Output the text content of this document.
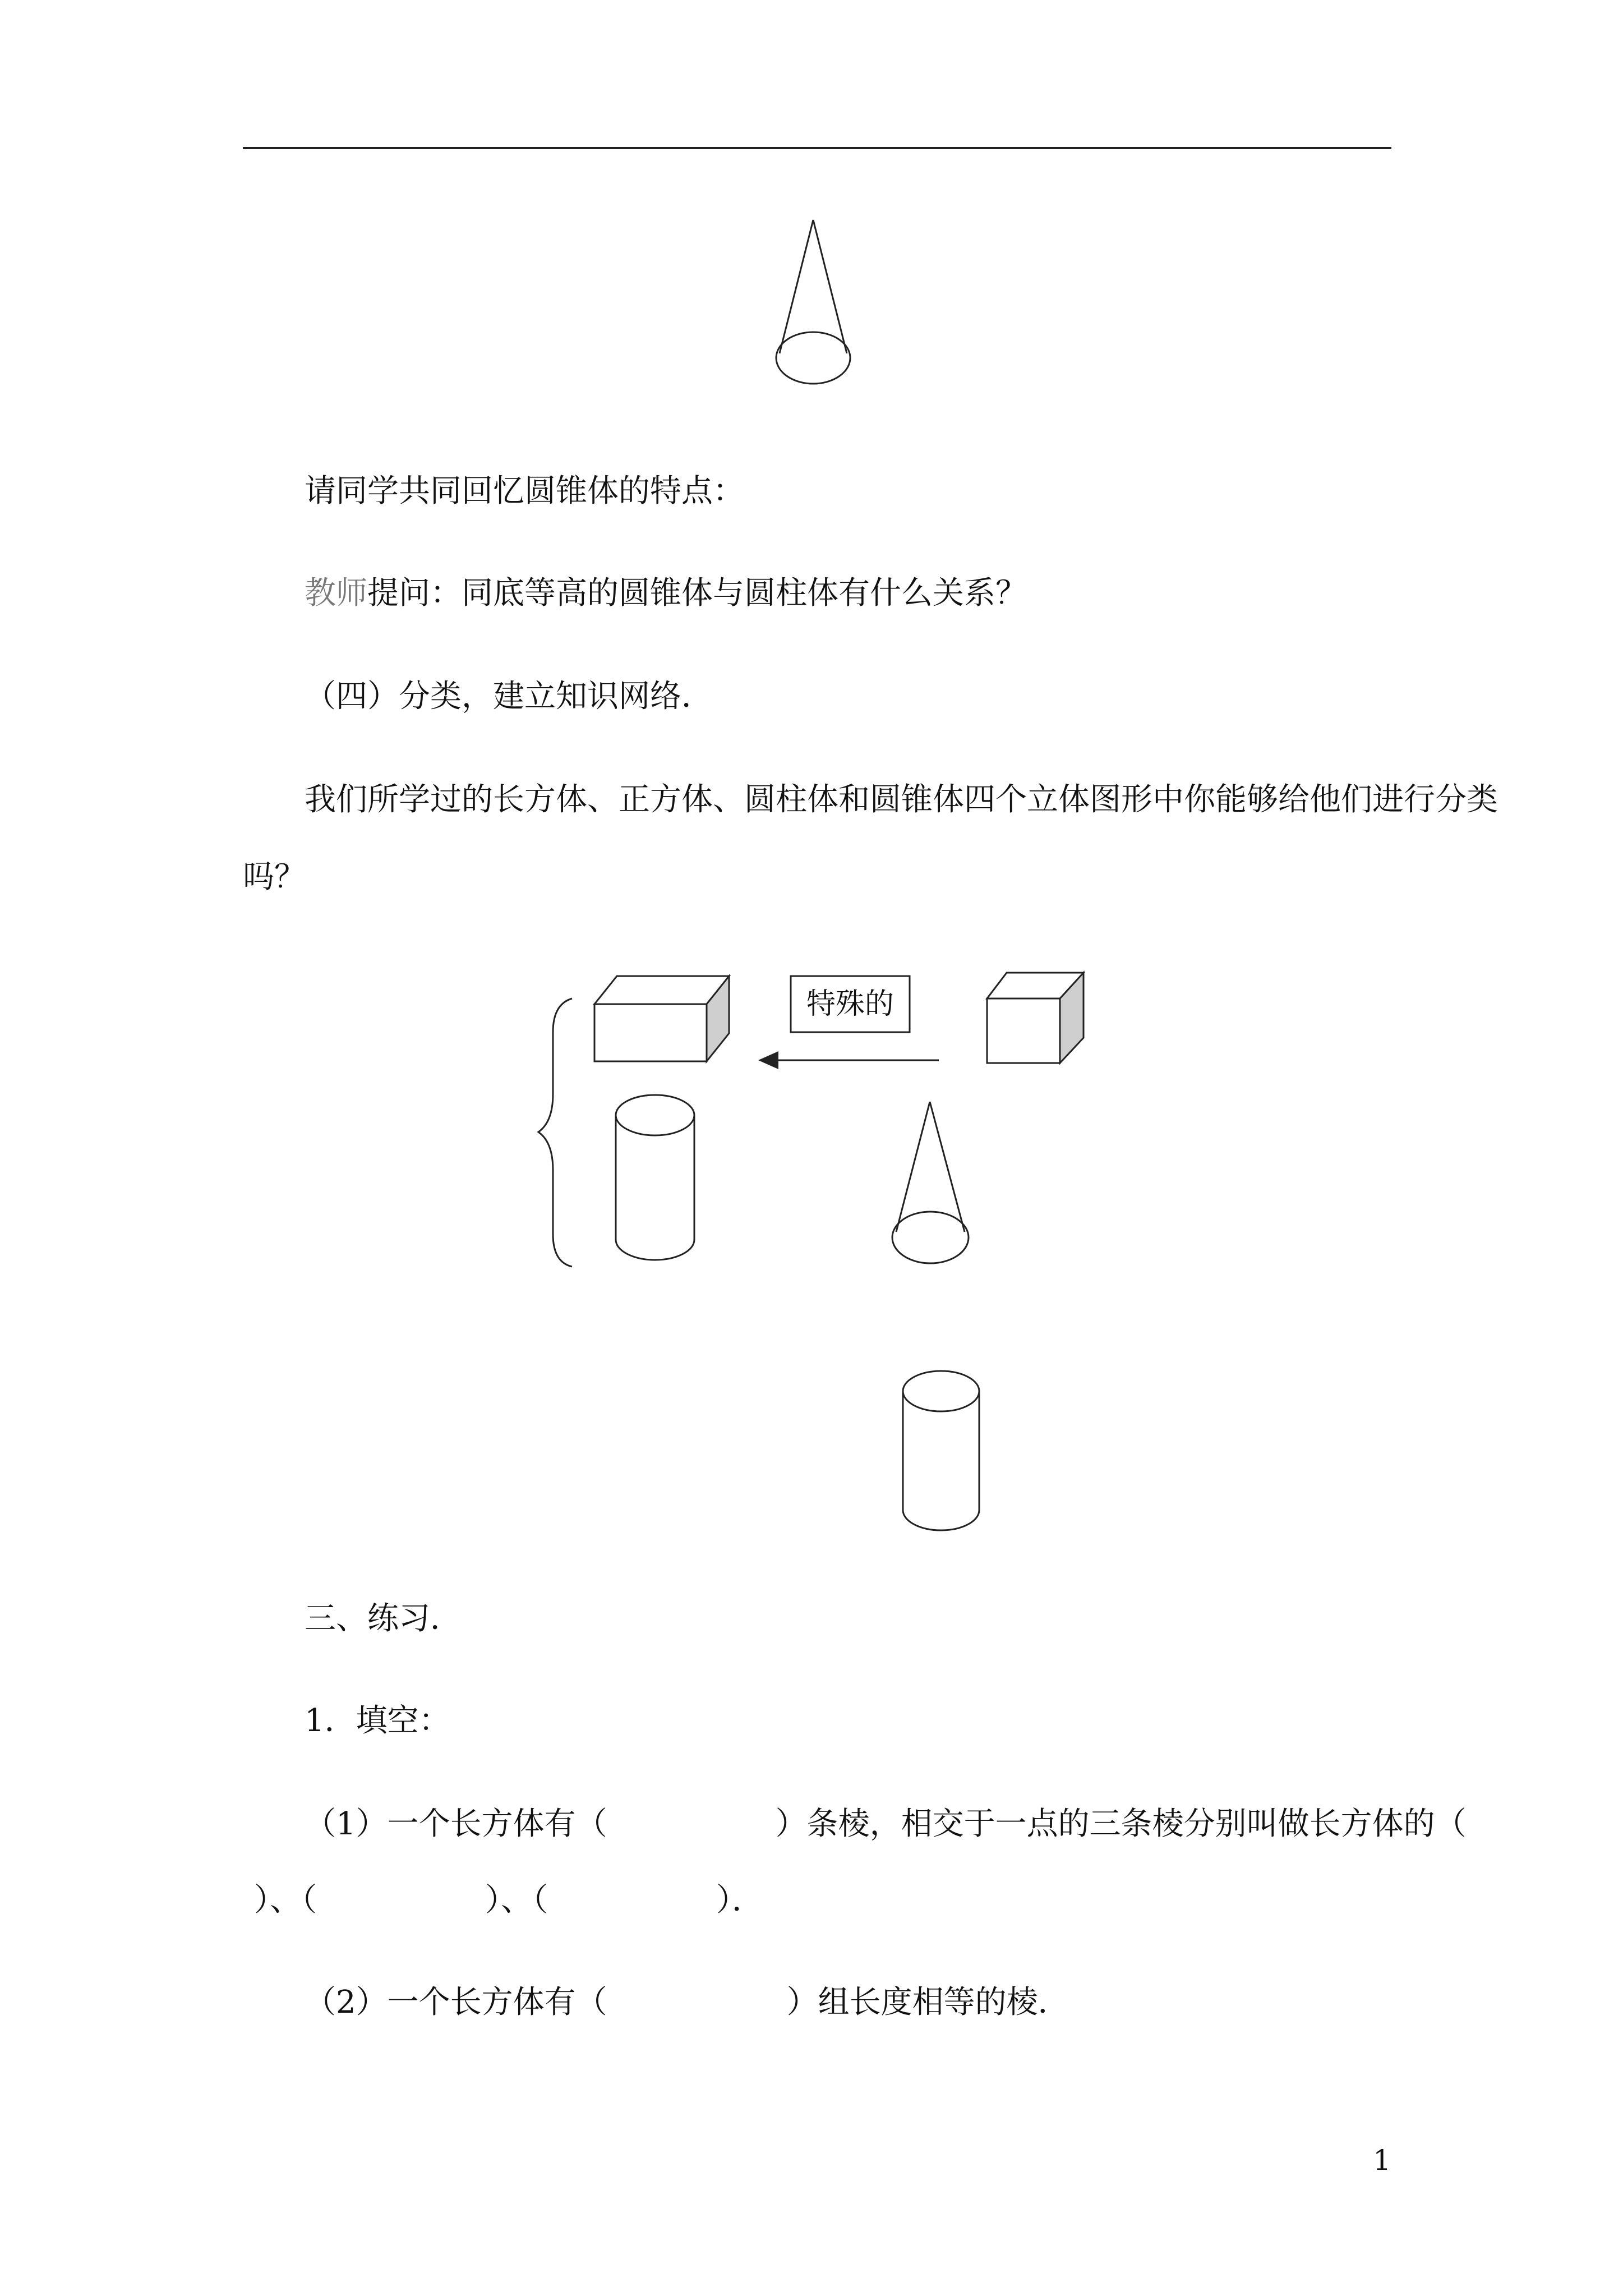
请同学共同回忆圆锥体的特点：
教师提问：同底等高的圆锥体与圆柱体有什么关系？
（四）分类，建立知识网络．
我们所学过的长方体、正方体、圆柱体和圆锥体四个立体图形中你能够给他们进行分类
吗？
特殊的
三、练习．
1．填空：
（1）一个长方体有（	）条棱，相交于一点的三条棱分别叫做长方体的（
）、（	）、（	）．
（2）一个长方体有（	）组长度相等的棱．
1
